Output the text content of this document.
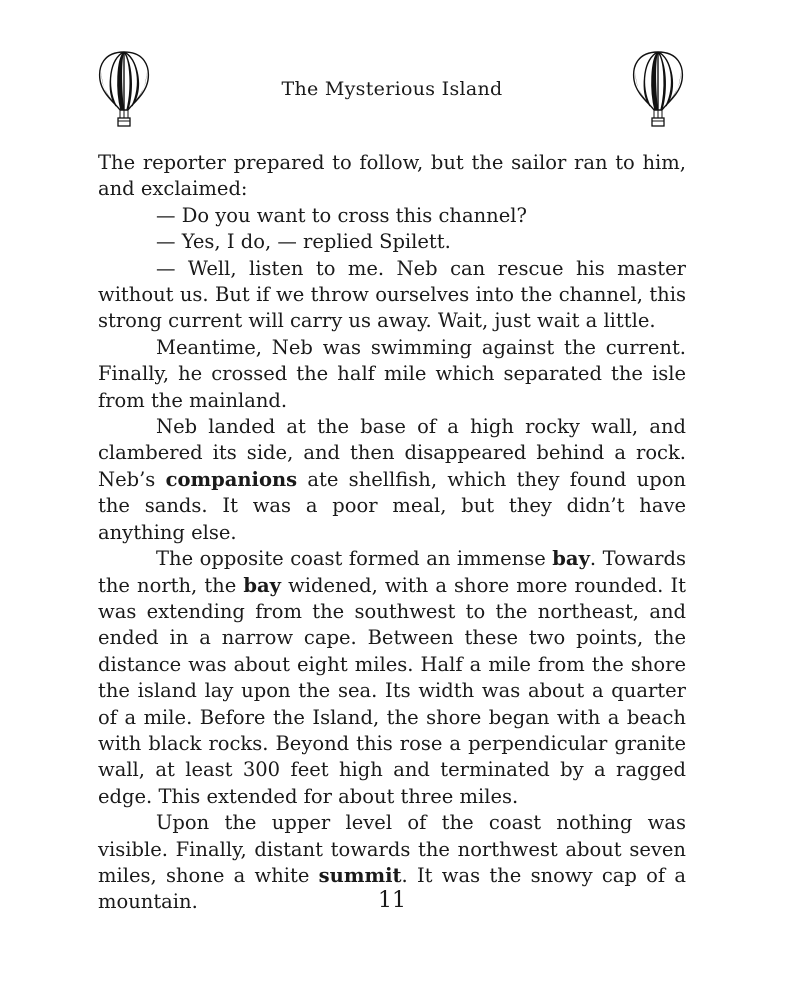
The Mysterious Island

The reporter prepared to follow, but the sailor ran to him, and exclaimed:

— Do you want to cross this channel?

— Yes, I do, — replied Spilett.

— Well, listen to me. Neb can rescue his master without us. But if we throw ourselves into the channel, this strong current will carry us away. Wait, just wait a little.

Meantime, Neb was swimming against the current. Finally, he crossed the half mile which separated the isle from the mainland.

Neb landed at the base of a high rocky wall, and clambered its side, and then disappeared behind a rock. Neb’s companions ate shellfish, which they found upon the sands. It was a poor meal, but they didn’t have anything else.

The opposite coast formed an immense bay. Towards the north, the bay widened, with a shore more rounded. It was extending from the southwest to the northeast, and ended in a narrow cape. Between these two points, the distance was about eight miles. Half a mile from the shore the island lay upon the sea. Its width was about a quarter of a mile. Before the Island, the shore began with a beach with black rocks. Beyond this rose a perpendicular granite wall, at least 300 feet high and terminated by a ragged edge. This extended for about three miles.

Upon the upper level of the coast nothing was visible. Finally, distant towards the northwest about seven miles, shone a white summit. It was the snowy cap of a mountain.	11
